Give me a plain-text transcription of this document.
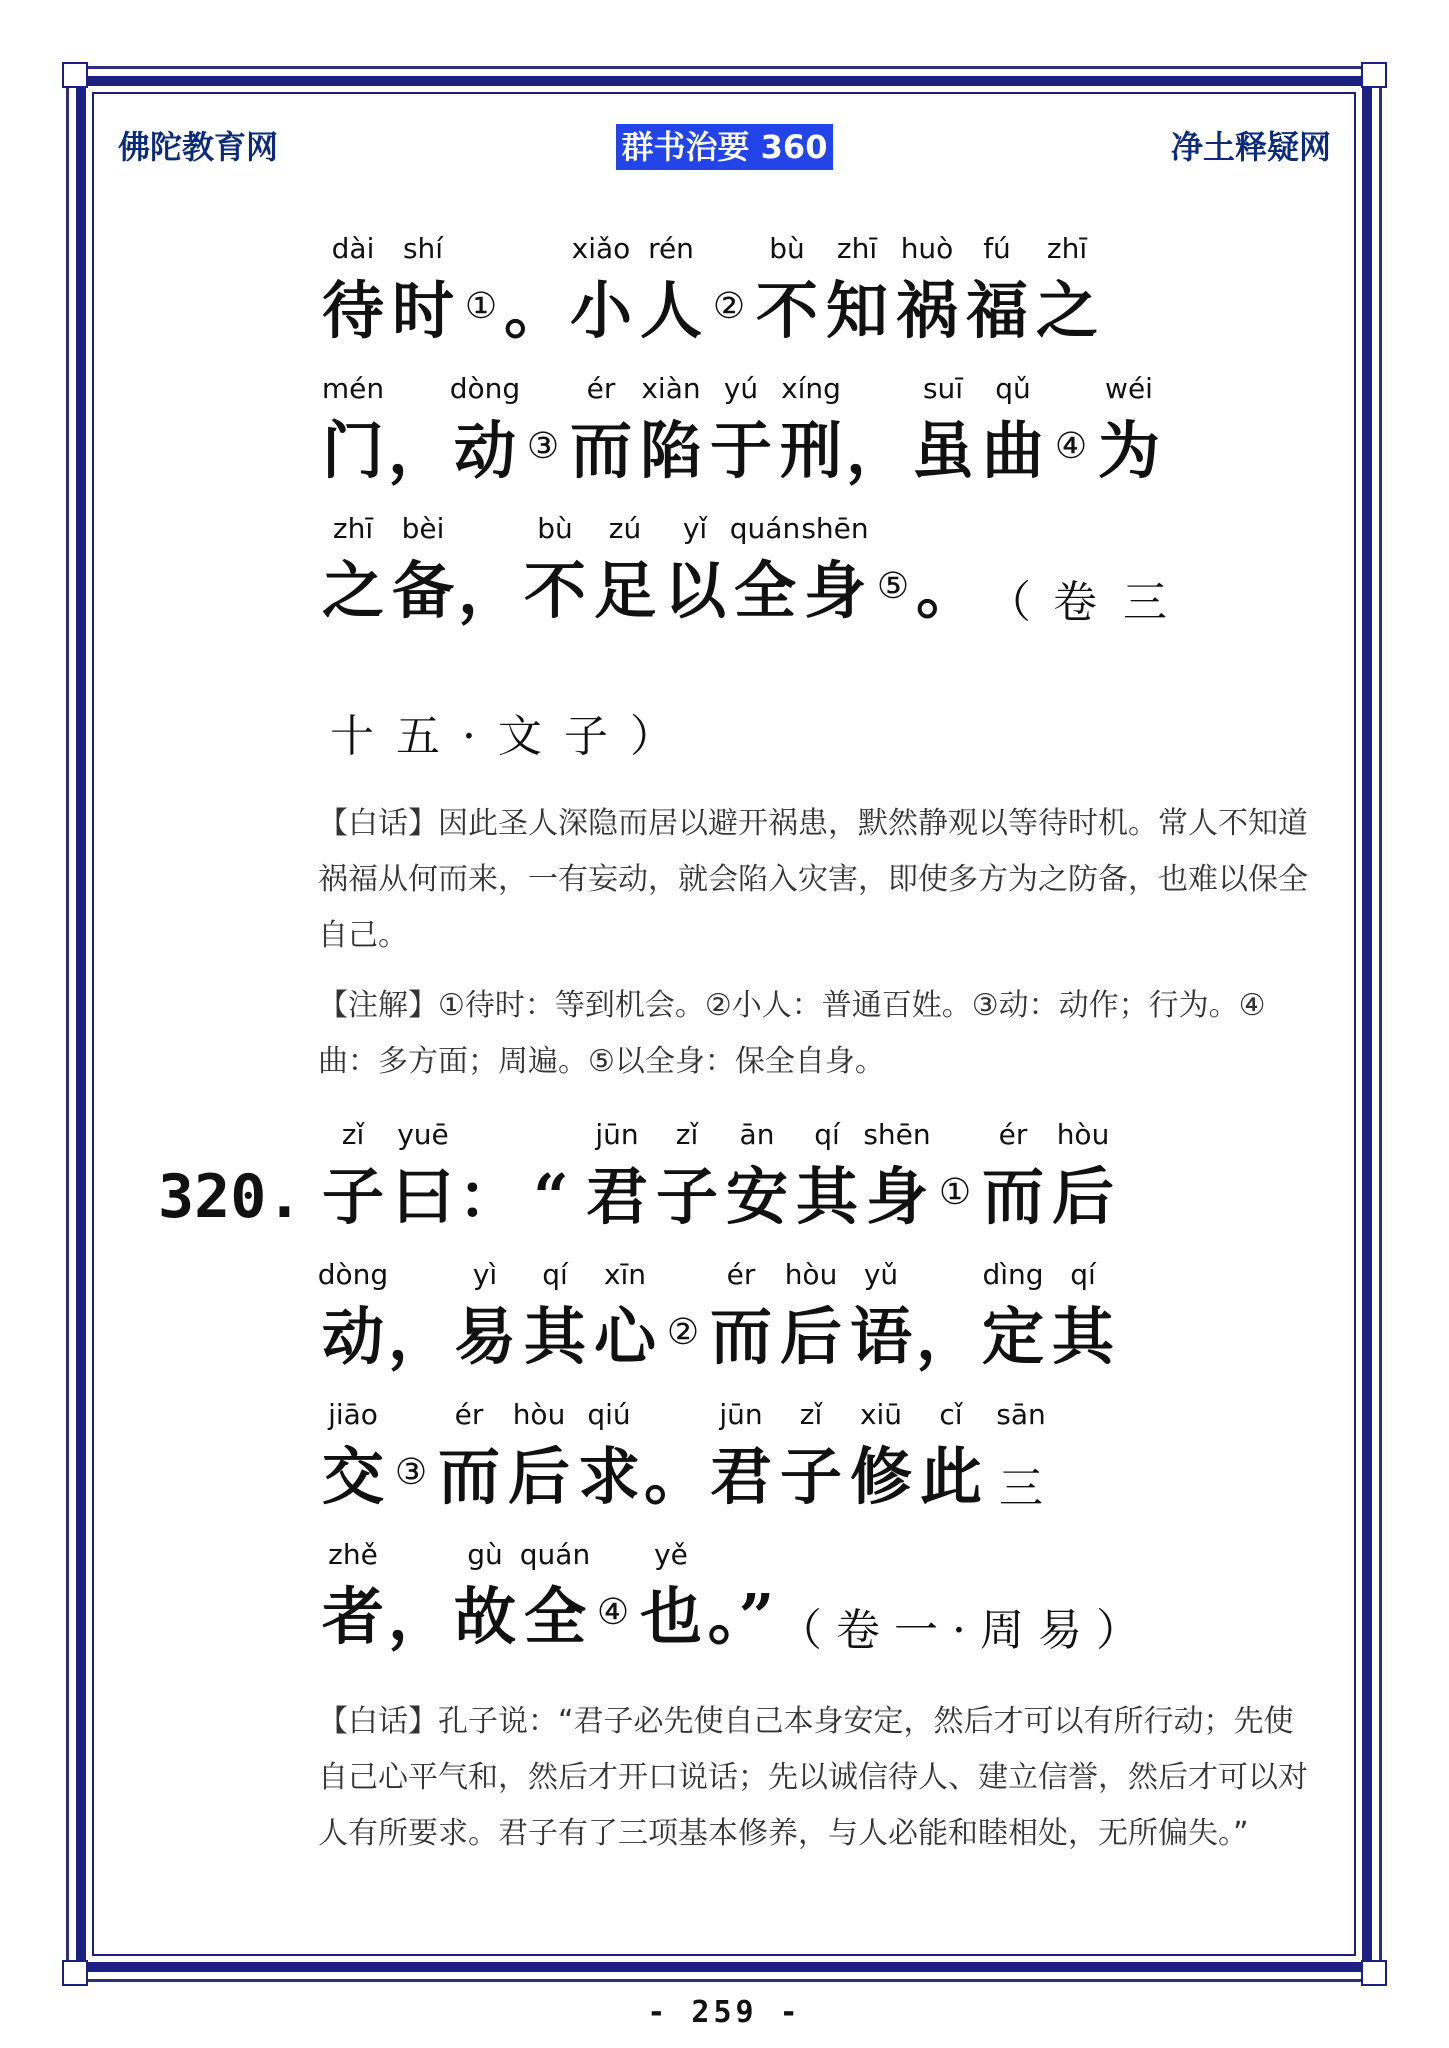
佛陀教育网	群书治要 360	净土释疑网
dài
待
shí
时 ① 。
xiǎo
小
rén
人 ②
bù
不
zhī
知
huò
祸
fú
福
zhī
之
mén
门 ，
dòng
动 ③
ér
而
xiàn
陷
yú
于
xíng
刑 ，
suī
虽
qǔ
曲 ④
wéi
为
zhī
之
bèi
备 ，
bù
不
zú
足
yǐ
以
quán
全
shēn
身 ⑤ 。 （ 卷 三
十五·文子）
【白话】因此圣人深隐而居以避开祸患，默然静观以等待时机。常人不知道祸福从何而来，一有妄动，就会陷入灾害，即使多方为之防备，也难以保全自己。
【注解】①待时：等到机会。②小人：普通百姓。③动：动作；行为。④曲：多方面；周遍。⑤以全身：保全自身。
320.
zǐ
子
yuē
曰 ： “
jūn
君
zǐ
子
ān
安
qí
其
shēn
身 ①
ér
而
hòu
后
dòng
动 ，
yì
易
qí
其
xīn
心 ②
ér
而
hòu
后
yǔ
语 ，
dìng
定
qí
其
jiāo
交 ③
ér
而
hòu
后
qiú
求 。
jūn
君
zǐ
子
xiū
修
cǐ
此
sān
三
zhě
者 ，
gù
故
quán
全 ④
yě
也 。” （卷一·周易）
【白话】孔子说：“君子必先使自己本身安定，然后才可以有所行动；先使自己心平气和，然后才开口说话；先以诚信待人、建立信誉，然后才可以对人有所要求。君子有了三项基本修养，与人必能和睦相处，无所偏失。”
- 259 -
